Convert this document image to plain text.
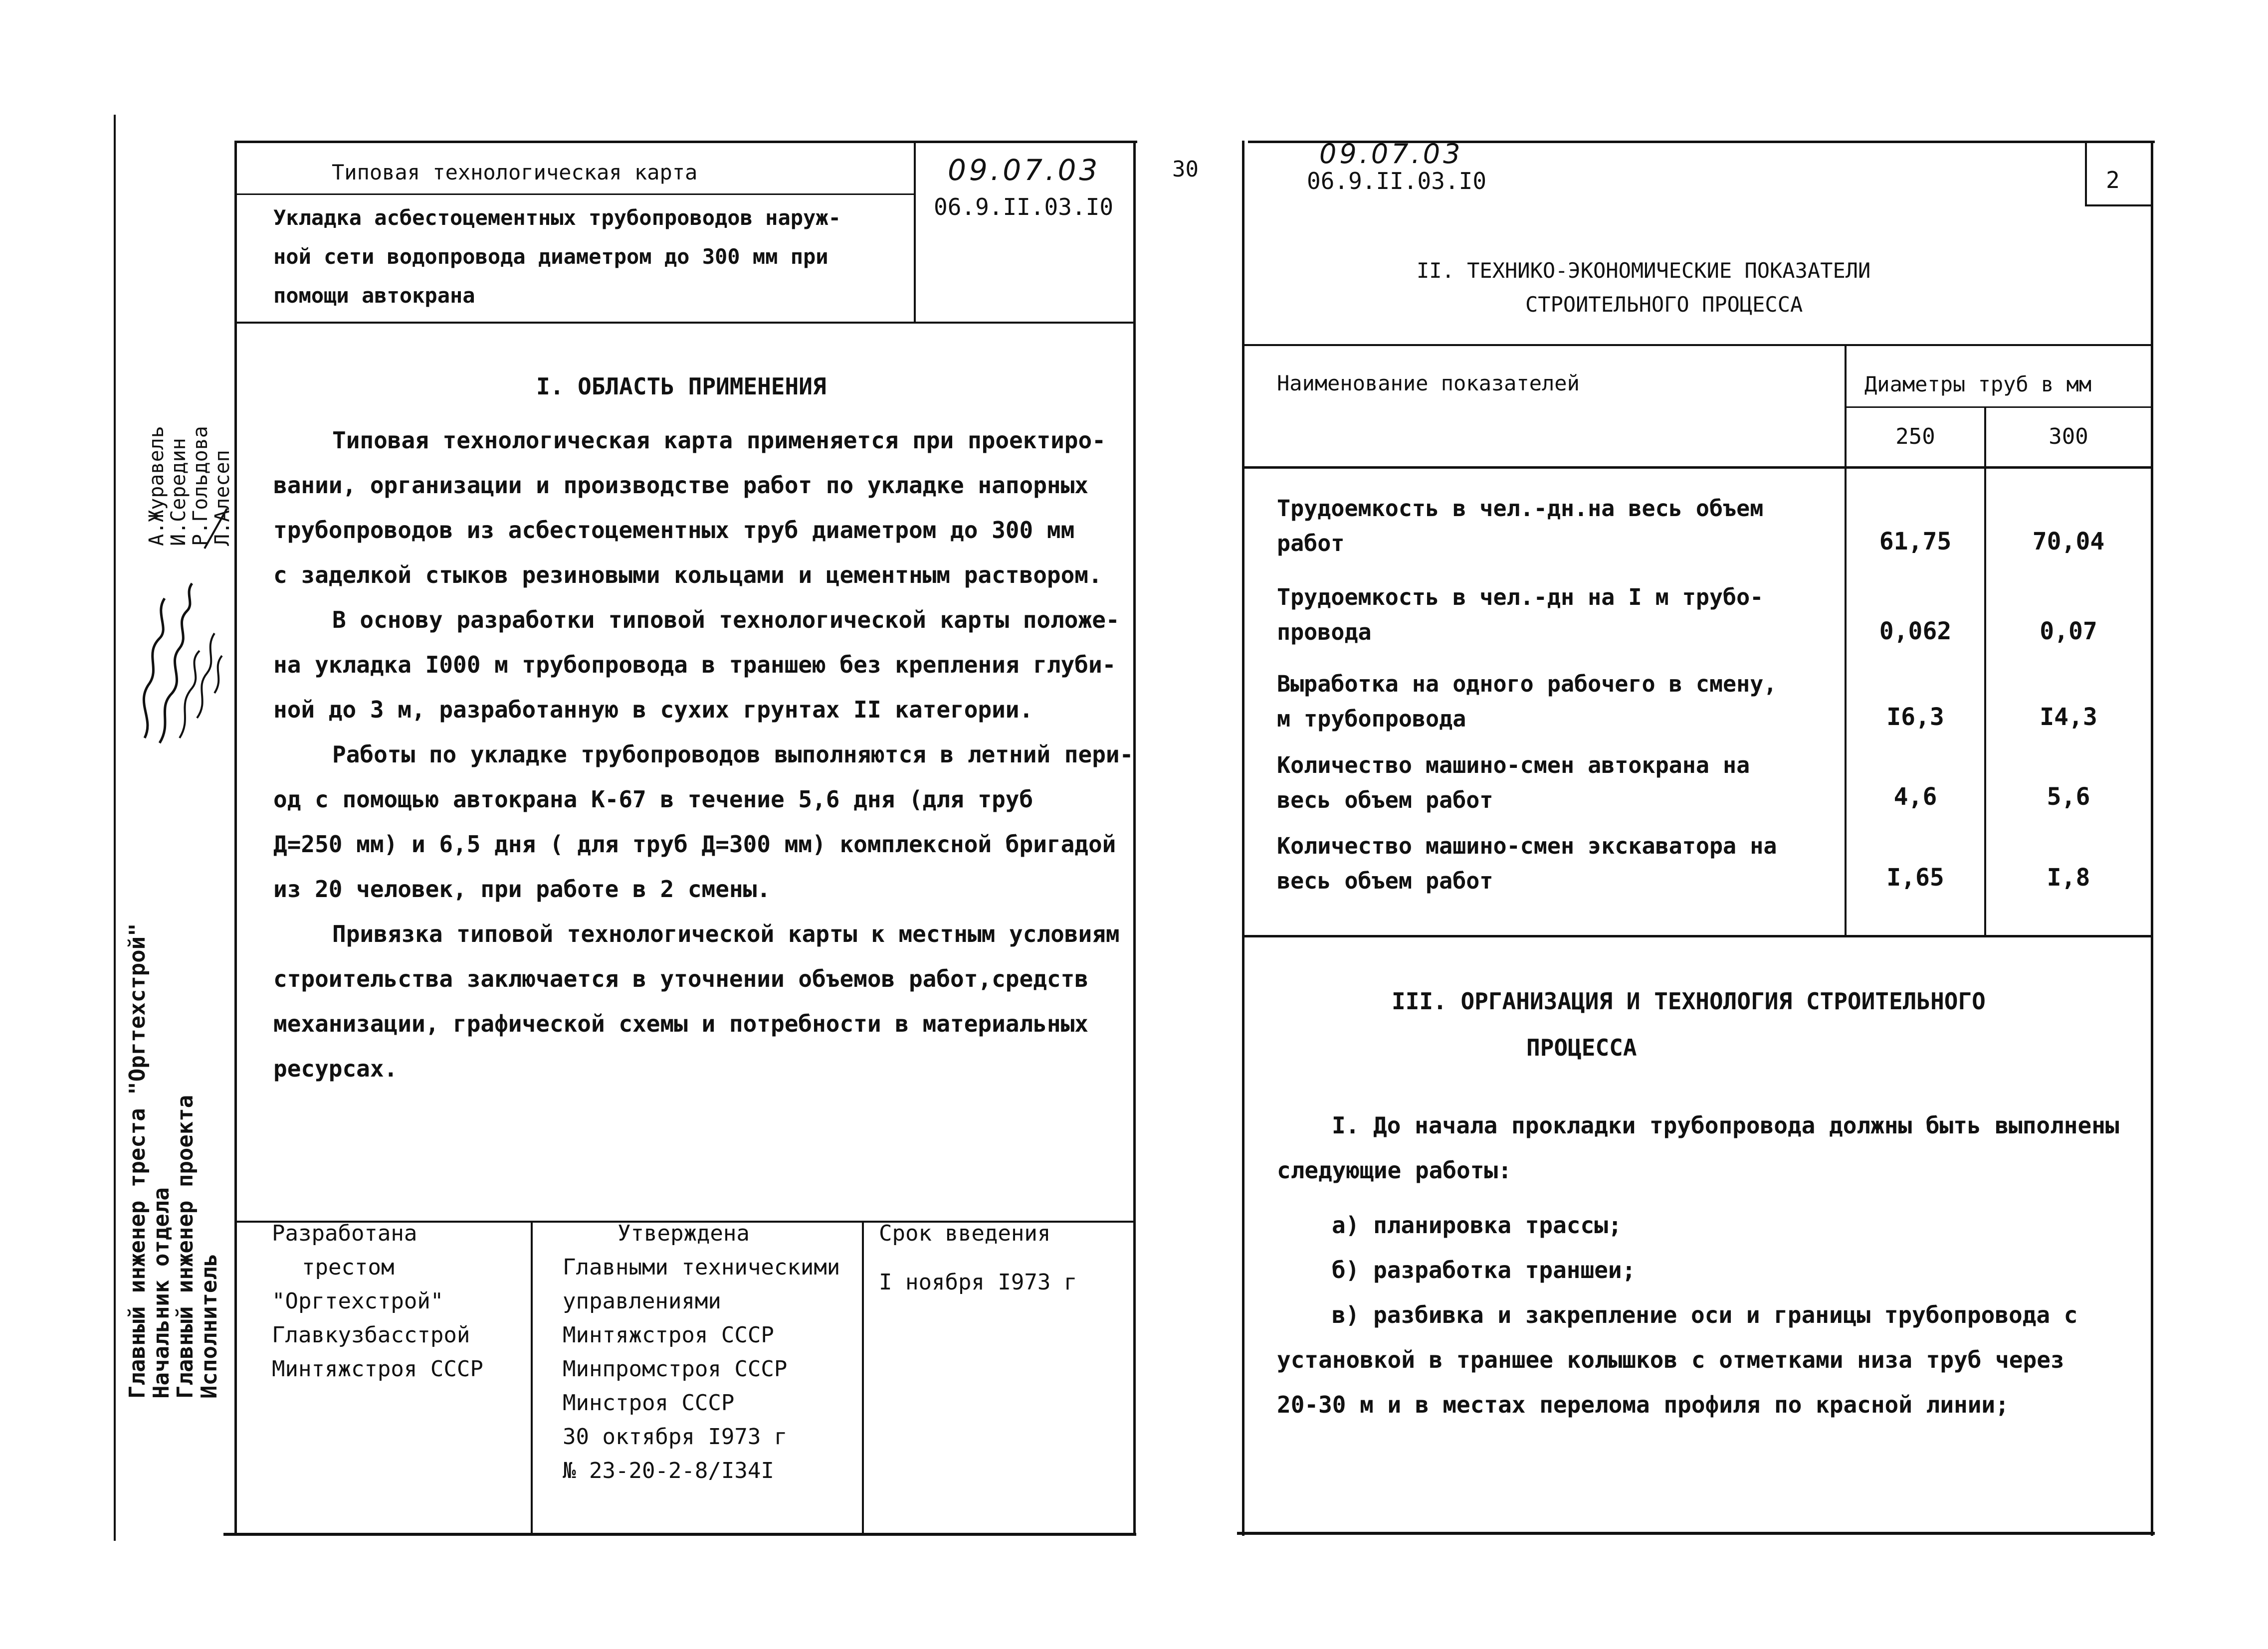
Типовая технологическая карта
Укладка асбестоцементных трубопроводов наруж-
ной сети водопровода диаметром до 300 мм при
помощи автокрана
09.07.03
06.9.II.03.I0
30
I. ОБЛАСТЬ ПРИМЕНЕНИЯ
Типовая технологическая карта применяется при проектиро-
вании, организации и производстве работ по укладке напорных
трубопроводов из асбестоцементных труб диаметром до 300 мм
с заделкой стыков резиновыми кольцами и цементным раствором.
В основу разработки типовой технологической карты положе-
на укладка I000 м трубопровода в траншею без крепления глуби-
ной до 3 м, разработанную в сухих грунтах II категории.
Работы по укладке трубопроводов выполняются в летний пери-
од с помощью автокрана К-67 в течение 5,6 дня (для труб
Д=250 мм) и 6,5 дня ( для труб Д=300 мм) комплексной бригадой
из 20 человек, при работе в 2 смены.
Привязка типовой технологической карты к местным условиям
строительства заключается в уточнении объемов работ,средств
механизации, графической схемы и потребности в материальных
ресурсах.
Разработана
трестом
"Оргтехстрой"
Главкузбасстрой
Минтяжстроя СССР
Утверждена
Главными техническими
управлениями
Минтяжстроя СССР
Минпромстроя СССР
Минстроя СССР
30 октября I973 г
№ 23-20-2-8/I34I
Срок введения
I ноября I973 г
Главный инженер треста "Оргтехстрой"
Начальник отдела
Главный инженер проекта
Исполнитель
А.Журавель
И.Середин
Р.Гольдова
Л.Алесеп
2
09.07.03
06.9.II.03.I0
II. ТЕХНИКО-ЭКОНОМИЧЕСКИЕ ПОКАЗАТЕЛИ
СТРОИТЕЛЬНОГО ПРОЦЕССА
Наименование показателей	Диаметры труб в мм
250	300
Трудоемкость в чел.-дн.на весь объем
работ	61,75	70,04
Трудоемкость в чел.-дн на I м трубо-
провода	0,062	0,07
Выработка на одного рабочего в смену,
м трубопровода	I6,3	I4,3
Количество машино-смен автокрана на
весь объем работ	4,6	5,6
Количество машино-смен экскаватора на
весь объем работ	I,65	I,8
III. ОРГАНИЗАЦИЯ И ТЕХНОЛОГИЯ СТРОИТЕЛЬНОГО
ПРОЦЕССА
I. До начала прокладки трубопровода должны быть выполнены
следующие работы:
а) планировка трассы;
б) разработка траншеи;
в) разбивка и закрепление оси и границы трубопровода с
установкой в траншее колышков с отметками низа труб через
20-30 м и в местах перелома профиля по красной линии;
